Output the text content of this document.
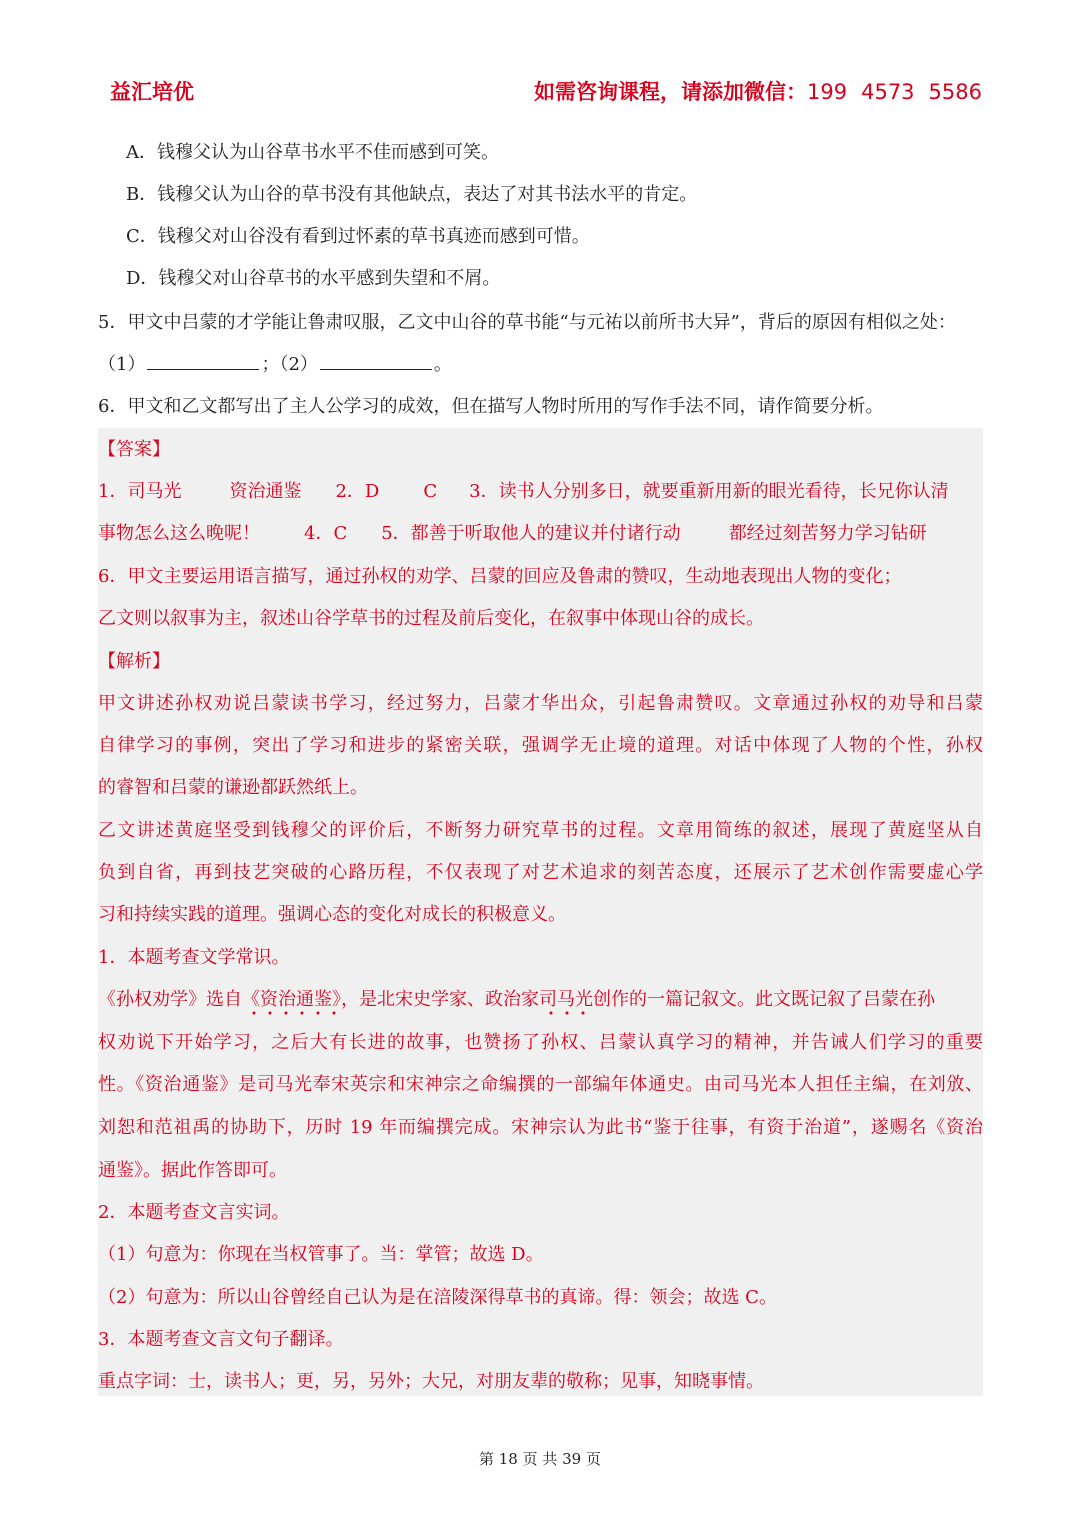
益汇培优	如需咨询课程，请添加微信：199 4573 5586
A．钱穆父认为山谷草书水平不佳而感到可笑。
B．钱穆父认为山谷的草书没有其他缺点，表达了对其书法水平的肯定。
C．钱穆父对山谷没有看到过怀素的草书真迹而感到可惜。
D．钱穆父对山谷草书的水平感到失望和不屑。
5．甲文中吕蒙的才学能让鲁肃叹服，乙文中山谷的草书能“与元祐以前所书大异”，背后的原因有相似之处：
（1）	；（2）	。
6．甲文和乙文都写出了主人公学习的成效，但在描写人物时所用的写作手法不同，请作简要分析。
【答案】
1．司马光	资治通鉴 2．D C 3．读书人分别多日，就要重新用新的眼光看待，长兄你认清
事物怎么这么晚呢！ 4．C 5．都善于听取他人的建议并付诸行动	都经过刻苦努力学习钻研
6．甲文主要运用语言描写，通过孙权的劝学、吕蒙的回应及鲁肃的赞叹，生动地表现出人物的变化；
乙文则以叙事为主，叙述山谷学草书的过程及前后变化，在叙事中体现山谷的成长。
【解析】
甲文讲述孙权劝说吕蒙读书学习，经过努力，吕蒙才华出众，引起鲁肃赞叹。文章通过孙权的劝导和吕蒙
自律学习的事例，突出了学习和进步的紧密关联，强调学无止境的道理。对话中体现了人物的个性，孙权
的睿智和吕蒙的谦逊都跃然纸上。
乙文讲述黄庭坚受到钱穆父的评价后，不断努力研究草书的过程。文章用简练的叙述，展现了黄庭坚从自
负到自省，再到技艺突破的心路历程，不仅表现了对艺术追求的刻苦态度，还展示了艺术创作需要虚心学
习和持续实践的道理。强调心态的变化对成长的积极意义。
1．本题考查文学常识。
《孙权劝学》选自《资治通鉴》，是北宋史学家、政治家司马光创作的一篇记叙文。此文既记叙了吕蒙在孙
权劝说下开始学习，之后大有长进的故事，也赞扬了孙权、吕蒙认真学习的精神，并告诫人们学习的重要
性。《资治通鉴》是司马光奉宋英宗和宋神宗之命编撰的一部编年体通史。由司马光本人担任主编，在刘攽、
刘恕和范祖禹的协助下，历时 19 年而编撰完成。宋神宗认为此书“鉴于往事，有资于治道”，遂赐名《资治
通鉴》。据此作答即可。
2．本题考查文言实词。
（1）句意为：你现在当权管事了。当：掌管；故选 D。
（2）句意为：所以山谷曾经自己认为是在涪陵深得草书的真谛。得：领会；故选 C。
3．本题考查文言文句子翻译。
重点字词：士，读书人；更，另，另外；大兄，对朋友辈的敬称；见事，知晓事情。
第 18 页 共 39 页
